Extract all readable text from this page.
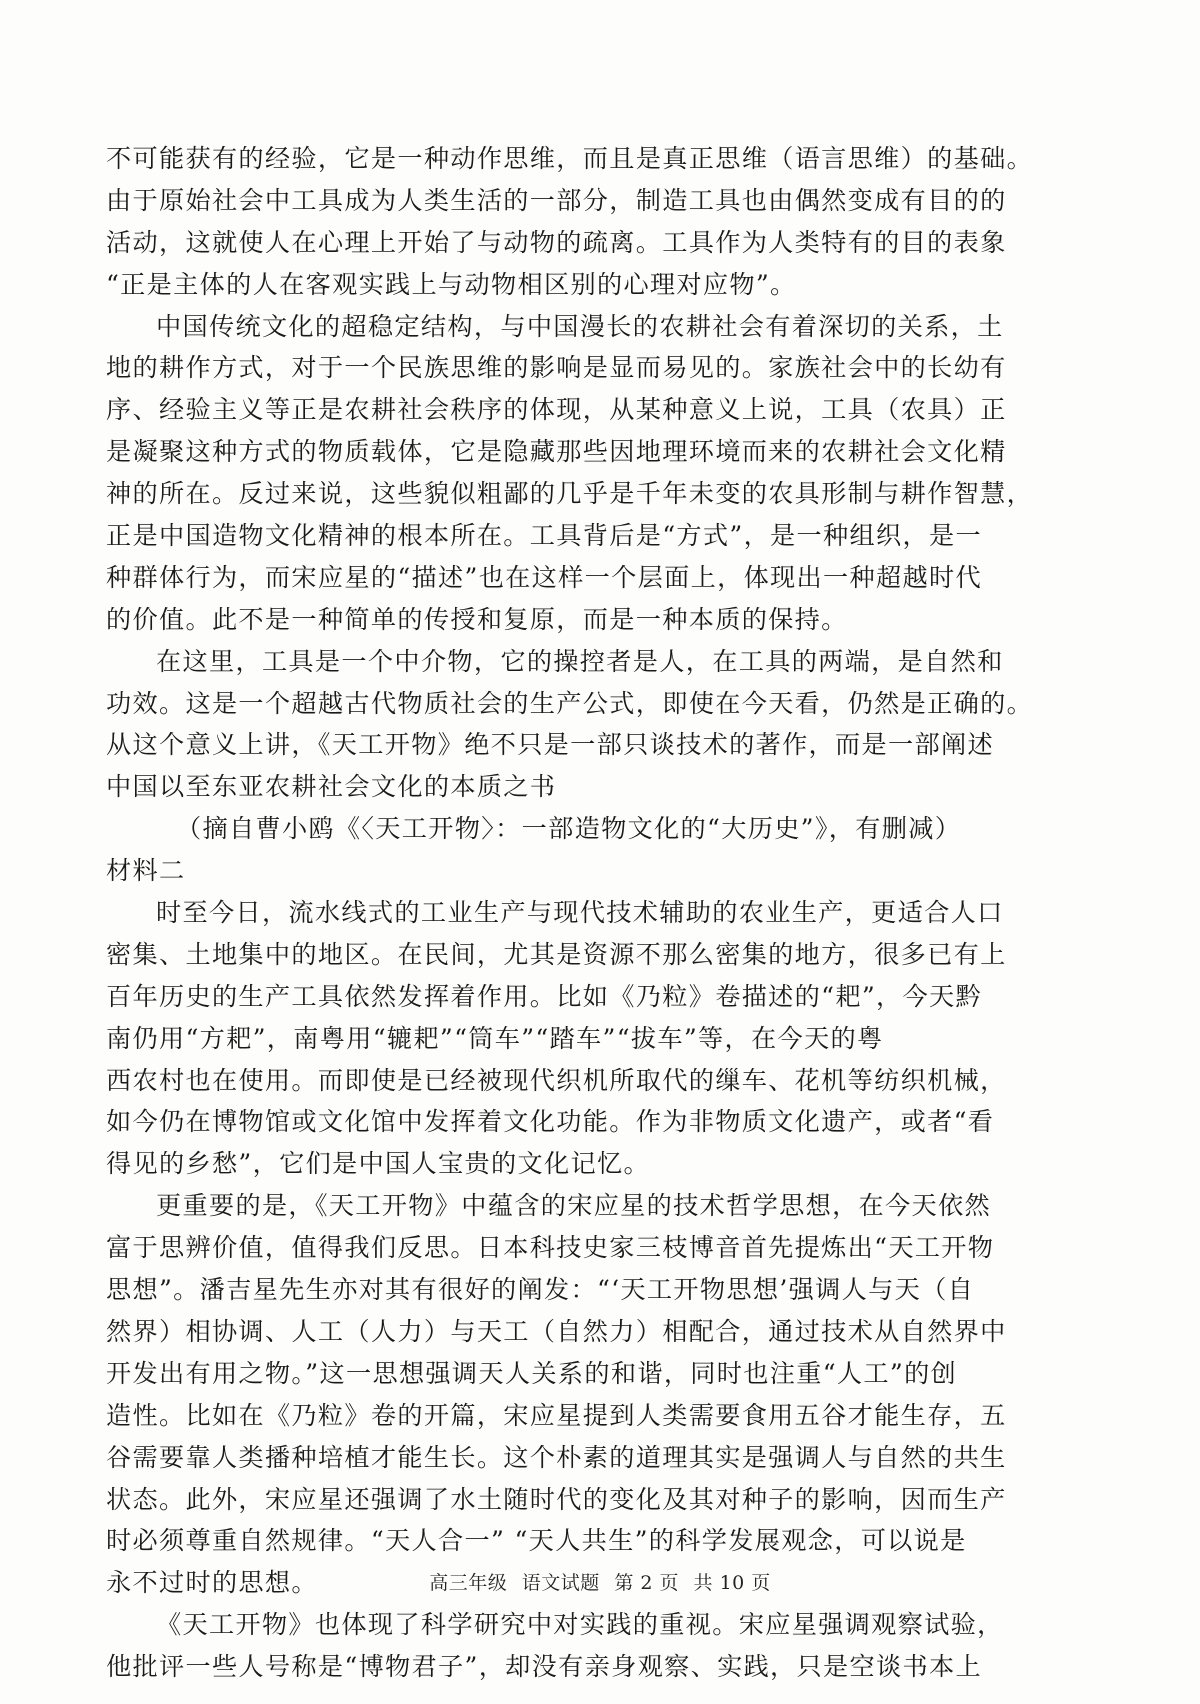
不可能获有的经验，它是一种动作思维，而且是真正思维（语言思维）的基础。
由于原始社会中工具成为人类生活的一部分，制造工具也由偶然变成有目的的
活动，这就使人在心理上开始了与动物的疏离。工具作为人类特有的目的表象
“正是主体的人在客观实践上与动物相区别的心理对应物”。
中国传统文化的超稳定结构，与中国漫长的农耕社会有着深切的关系，土
地的耕作方式，对于一个民族思维的影响是显而易见的。家族社会中的长幼有
序、经验主义等正是农耕社会秩序的体现，从某种意义上说，工具（农具）正
是凝聚这种方式的物质载体，它是隐藏那些因地理环境而来的农耕社会文化精
神的所在。反过来说，这些貌似粗鄙的几乎是千年未变的农具形制与耕作智慧，
正是中国造物文化精神的根本所在。工具背后是“方式”，是一种组织，是一
种群体行为，而宋应星的“描述”也在这样一个层面上，体现出一种超越时代
的价值。此不是一种简单的传授和复原，而是一种本质的保持。
在这里，工具是一个中介物，它的操控者是人，在工具的两端，是自然和
功效。这是一个超越古代物质社会的生产公式，即使在今天看，仍然是正确的。
从这个意义上讲，《天工开物》绝不只是一部只谈技术的著作，而是一部阐述
中国以至东亚农耕社会文化的本质之书
（摘自曹小鸥《〈天工开物〉：一部造物文化的“大历史”》，有删减）
材料二
时至今日，流水线式的工业生产与现代技术辅助的农业生产，更适合人口
密集、土地集中的地区。在民间，尤其是资源不那么密集的地方，很多已有上
百年历史的生产工具依然发挥着作用。比如《乃粒》卷描述的“耙”，今天黔
南仍用“方耙”，南粤用“辘耙”“筒车”“踏车”“拔车”等，在今天的粤
西农村也在使用。而即使是已经被现代织机所取代的缫车、花机等纺织机械，
如今仍在博物馆或文化馆中发挥着文化功能。作为非物质文化遗产，或者“看
得见的乡愁”，它们是中国人宝贵的文化记忆。
更重要的是，《天工开物》中蕴含的宋应星的技术哲学思想，在今天依然
富于思辨价值，值得我们反思。日本科技史家三枝博音首先提炼出“天工开物
思想”。潘吉星先生亦对其有很好的阐发：“‘天工开物思想’强调人与天（自
然界）相协调、人工（人力）与天工（自然力）相配合，通过技术从自然界中
开发出有用之物。”这一思想强调天人关系的和谐，同时也注重“人工”的创
造性。比如在《乃粒》卷的开篇，宋应星提到人类需要食用五谷才能生存，五
谷需要靠人类播种培植才能生长。这个朴素的道理其实是强调人与自然的共生
状态。此外，宋应星还强调了水土随时代的变化及其对种子的影响，因而生产
时必须尊重自然规律。“天人合一” “天人共生”的科学发展观念，可以说是
永不过时的思想。
《天工开物》也体现了科学研究中对实践的重视。宋应星强调观察试验，
他批评一些人号称是“博物君子”，却没有亲身观察、实践，只是空谈书本上
高三年级 语文试题 第 2 页 共 10 页
